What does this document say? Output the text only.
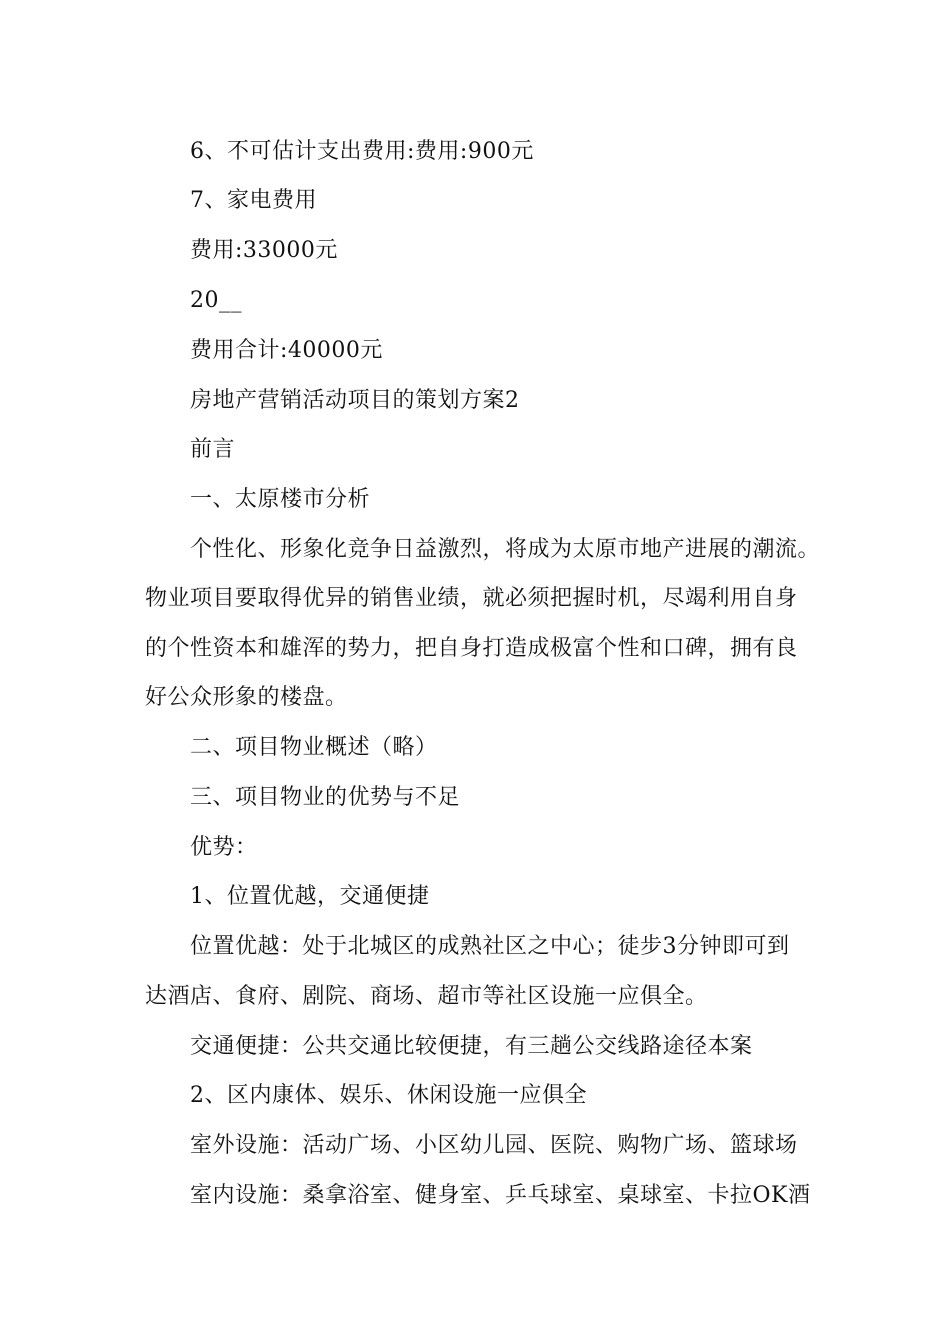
6、不可估计支出费用:费用:900元
7、家电费用
费用:33000元
20__
费用合计:40000元
房地产营销活动项目的策划方案2
前言
一、太原楼市分析
个性化、形象化竞争日益激烈，将成为太原市地产进展的潮流。
物业项目要取得优异的销售业绩，就必须把握时机，尽竭利用自身
的个性资本和雄浑的势力，把自身打造成极富个性和口碑，拥有良
好公众形象的楼盘。
二、项目物业概述（略）
三、项目物业的优势与不足
优势：
1、位置优越，交通便捷
位置优越：处于北城区的成熟社区之中心；徒步3分钟即可到
达酒店、食府、剧院、商场、超市等社区设施一应俱全。
交通便捷：公共交通比较便捷，有三趟公交线路途径本案
2、区内康体、娱乐、休闲设施一应俱全
室外设施：活动广场、小区幼儿园、医院、购物广场、篮球场
室内设施：桑拿浴室、健身室、乒乓球室、桌球室、卡拉OK酒
